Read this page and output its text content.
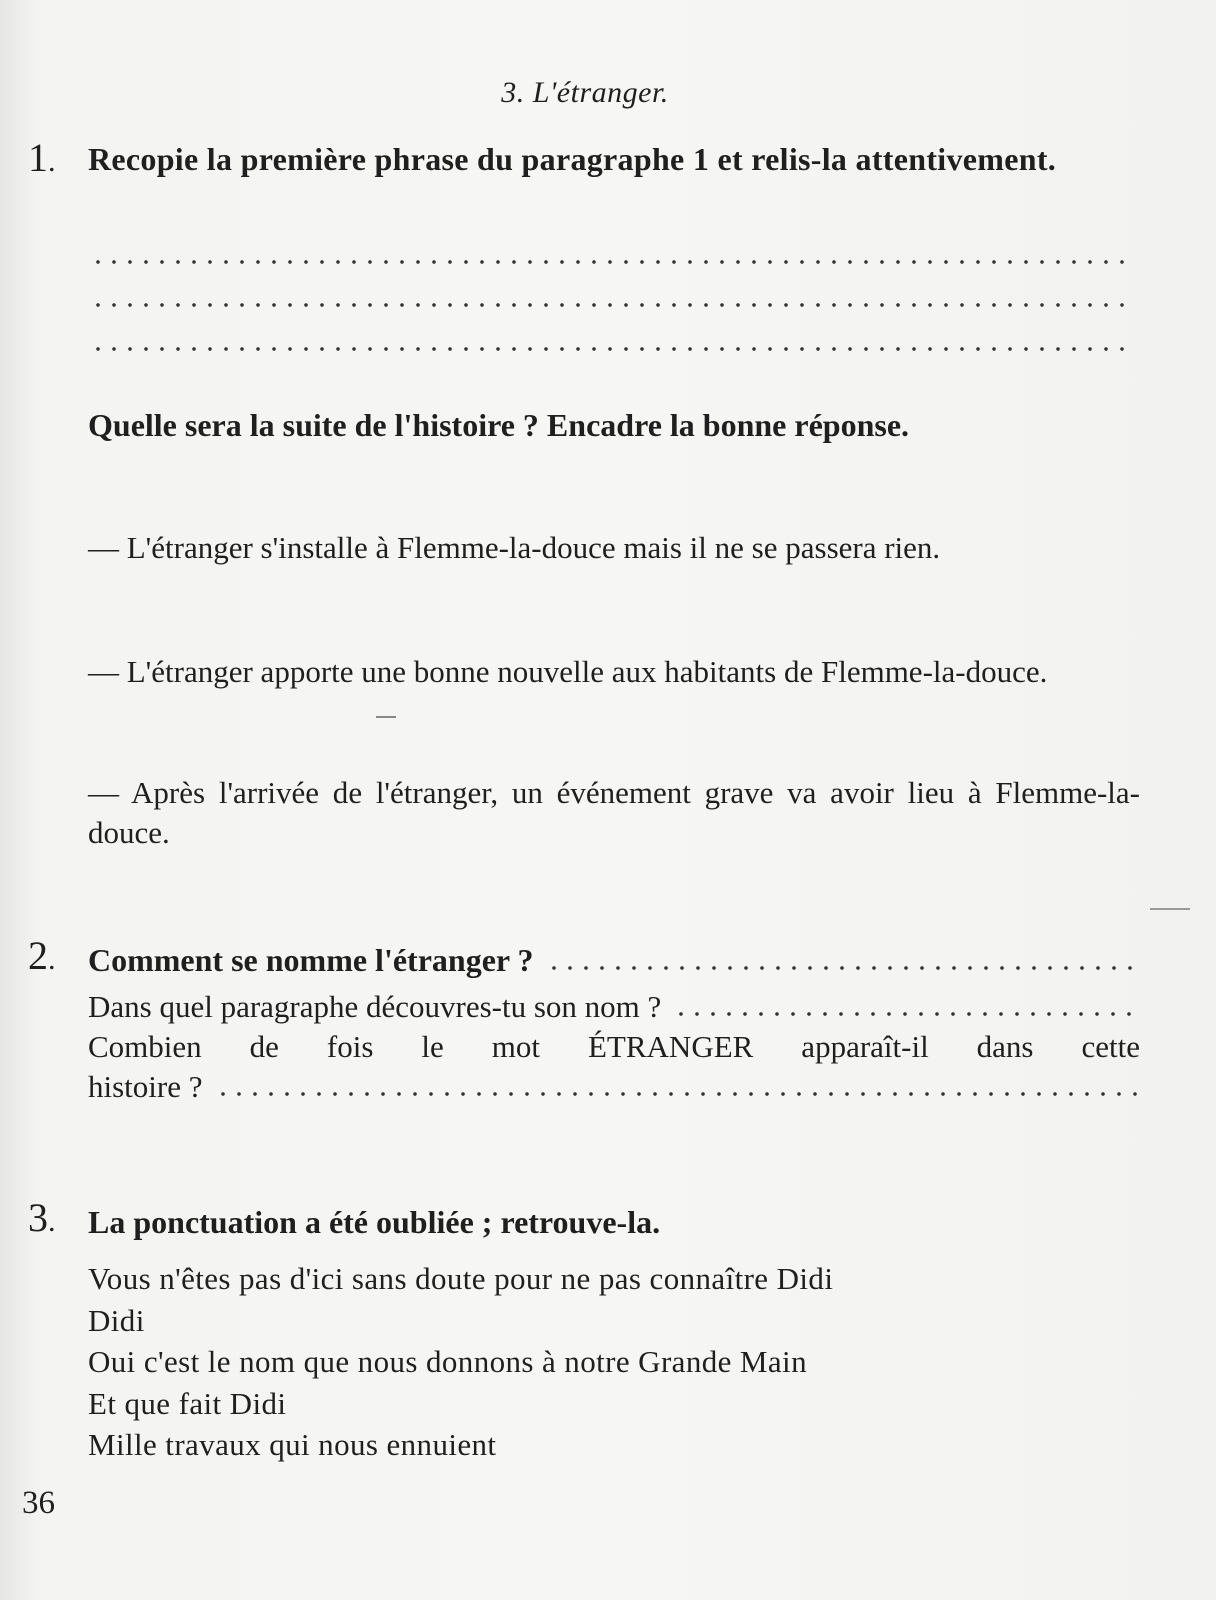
3. L'étranger.
1. Recopie la première phrase du paragraphe 1 et relis-la attentivement.
Quelle sera la suite de l'histoire ? Encadre la bonne réponse.
— L'étranger s'installe à Flemme-la-douce mais il ne se passera rien.
— L'étranger apporte une bonne nouvelle aux habitants de Flemme-la-douce.
— Après l'arrivée de l'étranger, un événement grave va avoir lieu à Flemme-la-douce.
2. Comment se nomme l'étranger ?
Dans quel paragraphe découvres-tu son nom ?
Combien de fois le mot ÉTRANGER apparaît-il dans cette
histoire ?
3. La ponctuation a été oubliée ; retrouve-la.
Vous n'êtes pas d'ici sans doute pour ne pas connaître Didi
Didi
Oui c'est le nom que nous donnons à notre Grande Main
Et que fait Didi
Mille travaux qui nous ennuient
36
